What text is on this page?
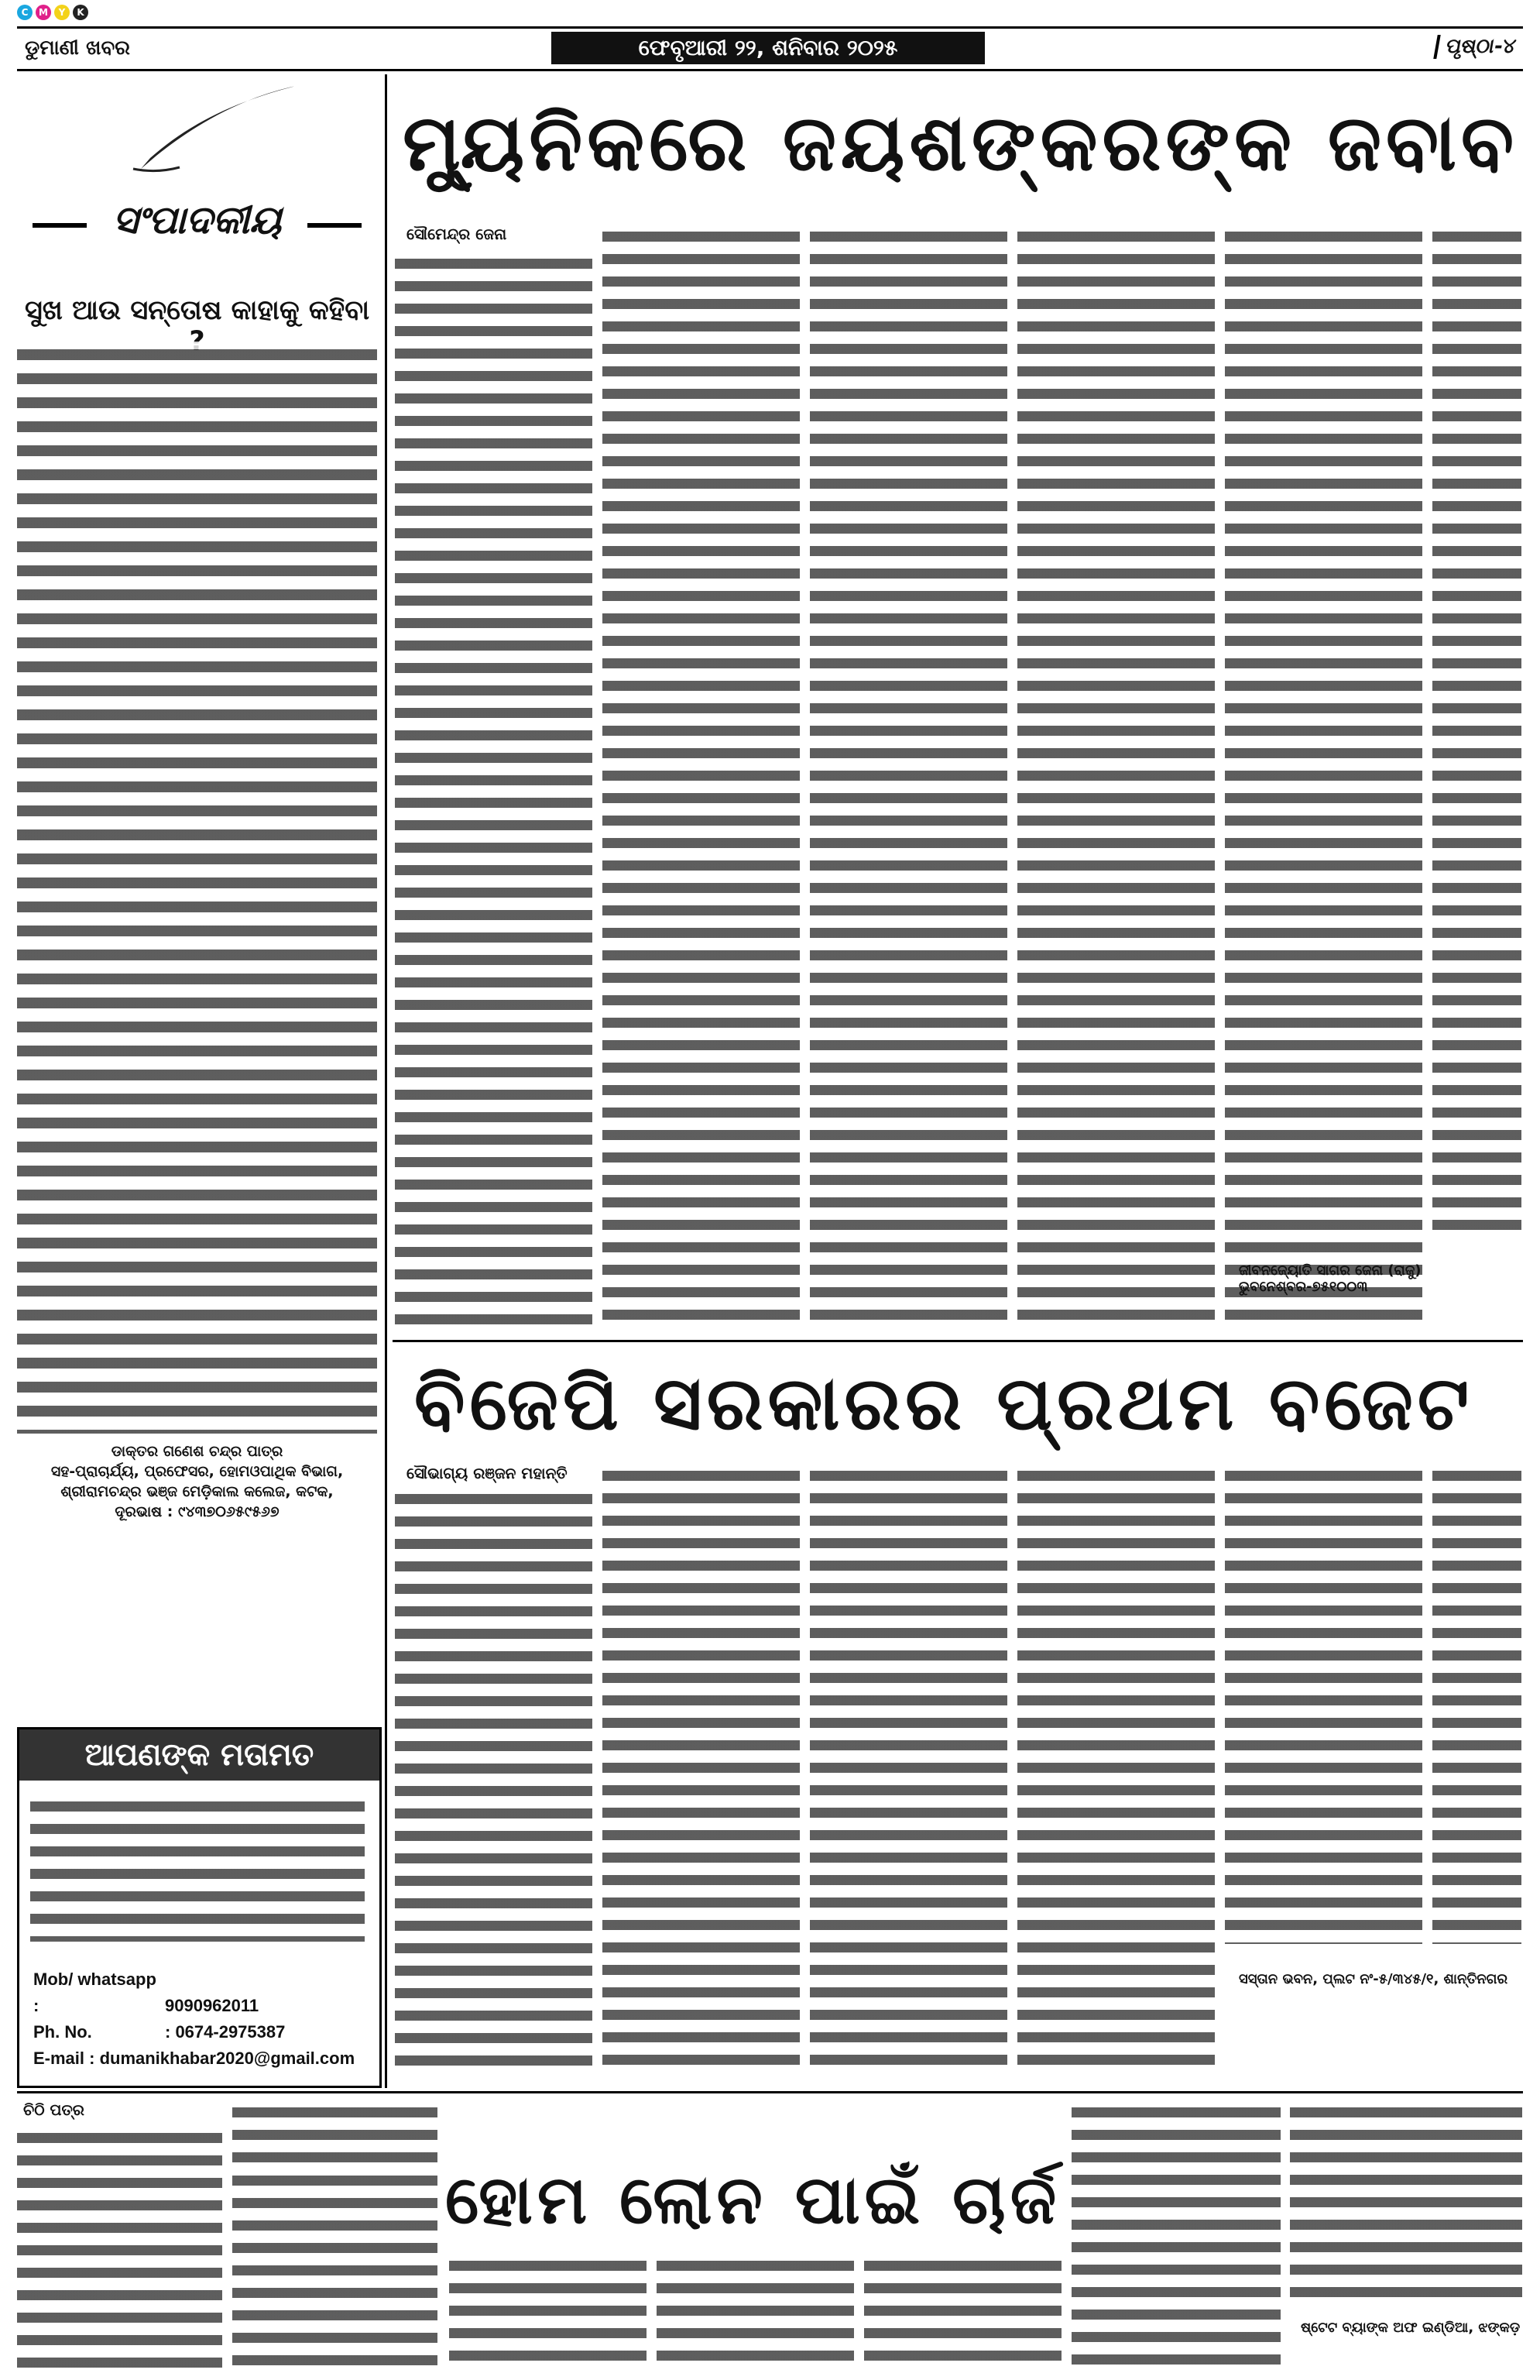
C	M	Y	K
ଡୁମାଣୀ ଖବର	ଫେବୃଆରୀ ୨୨, ଶନିବାର ୨୦୨୫	ପୃଷ୍ଠା-୪
ସଂପାଦକୀୟ
ସୁଖ ଆଉ ସନ୍ତୋଷ କାହାକୁ କହିବା
ଡାକ୍ତର ଗଣେଶ ଚନ୍ଦ୍ର ପାତ୍ର
ସହ-ପ୍ରାଚାର୍ଯ୍ୟ, ପ୍ରଫେସର, ହୋମଓପାଥିକ ବିଭାଗ,
ଶ୍ରୀରାମଚନ୍ଦ୍ର ଭଞ୍ଜ ମେଡ଼ିକାଲ କଲେଜ, କଟକ,
ଦୂରଭାଷ : ୯୪୩୭୦୬୫୯୫୬୭
ଆପଣଙ୍କ ମତାମତ
Mob/ whatsapp :	9090962011
Ph. No.	: 0674-2975387
E-mail : dumanikhabar2020@gmail.com
ମ୍ୟୁନିକରେ ଜୟଶଙ୍କରଙ୍କ ଜବାବ
ସୌମେନ୍ଦ୍ର ଜେନା
ଜୀବନଜ୍ୟୋତି ସାଗର ଜେନା (ରାଜୁ) ଭୁବନେଶ୍ବର-୭୫୧୦୦୩
ବିଜେପି ସରକାରର ପ୍ରଥମ ବଜେଟ
ସୌଭାଗ୍ୟ ରଞ୍ଜନ ମହାନ୍ତି
ସସ୍ତାନ ଭବନ, ପ୍ଲଟ ନଂ-୫/୩୪୫/୧, ଶାନ୍ତିନଗର
ଚିଠି ପତ୍ର
ହୋମ ଲୋନ ପାଇଁ ଚାର୍ଜ
ଷ୍ଟେଟ ବ୍ୟାଙ୍କ ଅଫ ଇଣ୍ଡିଆ, ଝଙ୍କଡ଼
